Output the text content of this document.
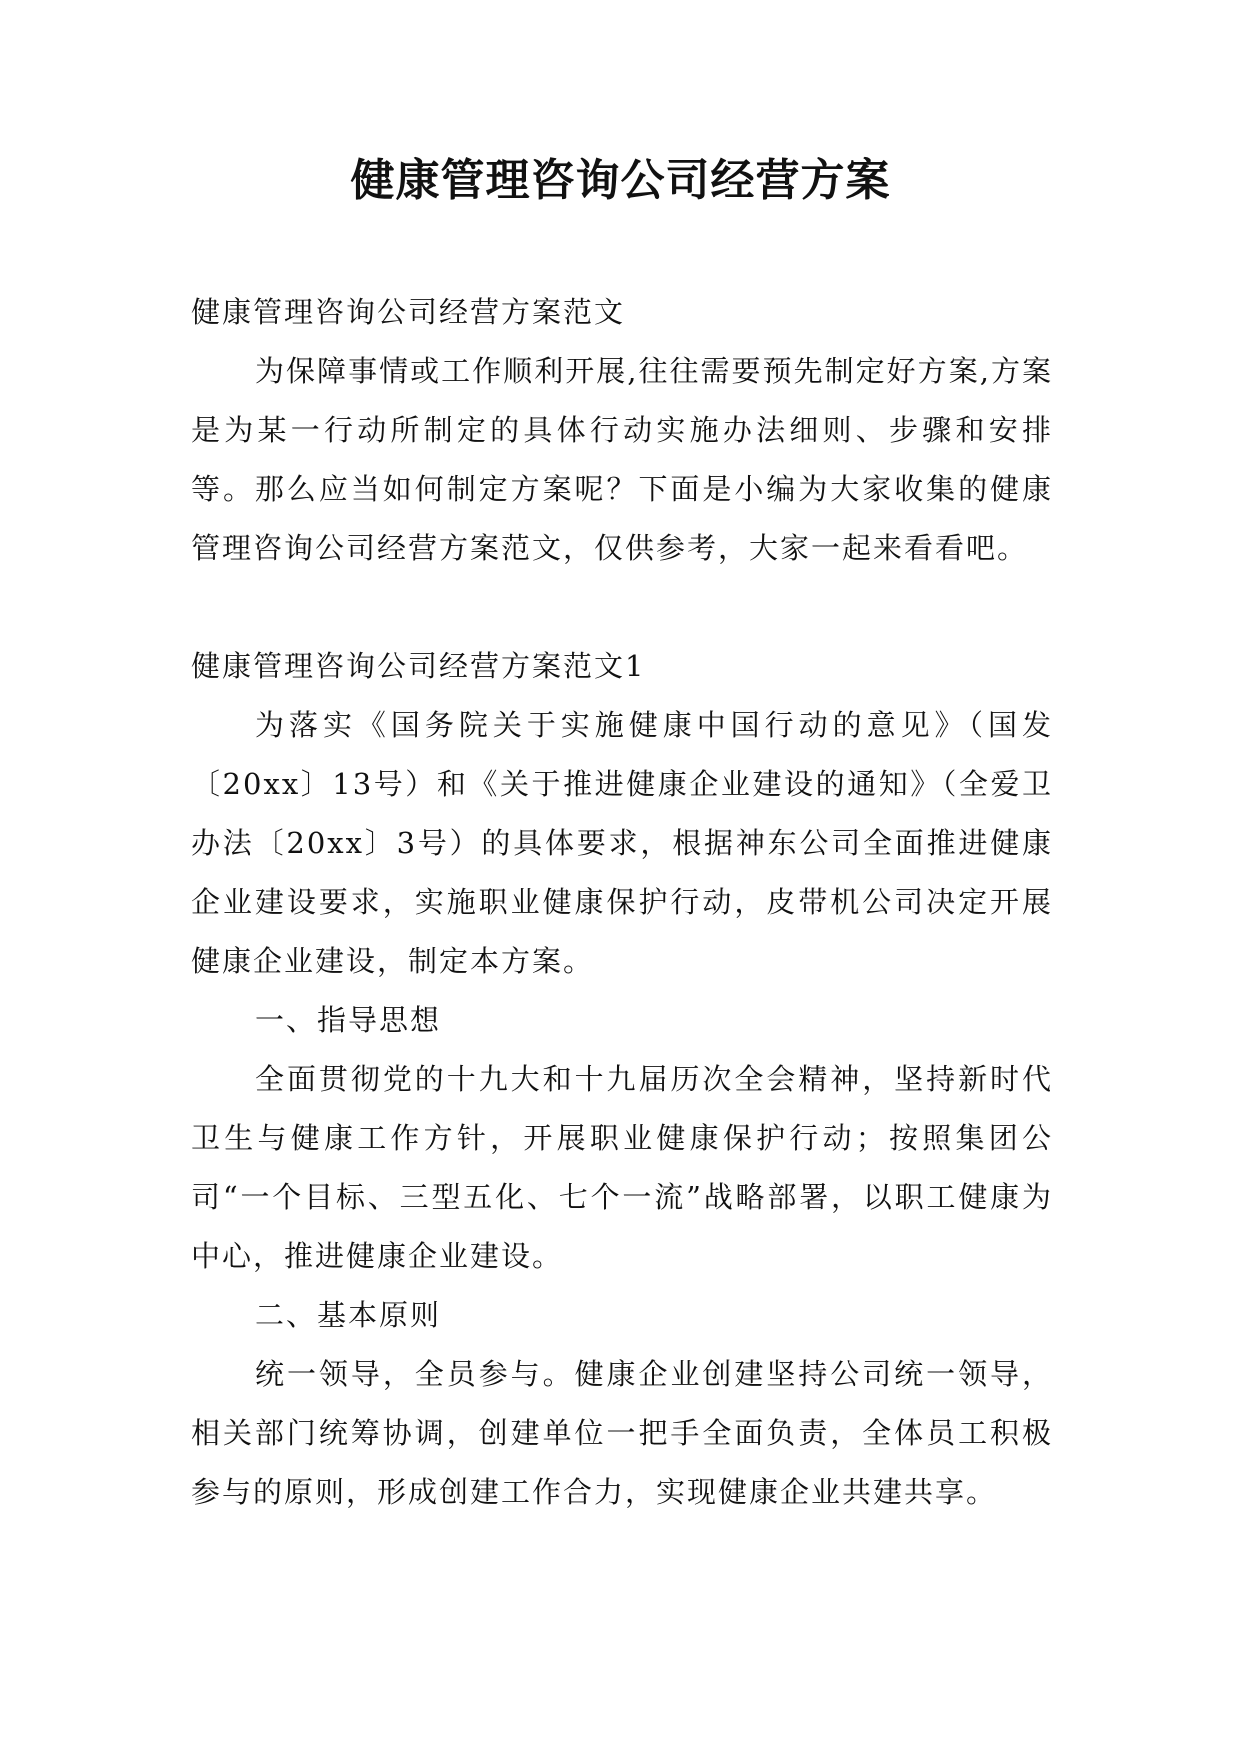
健康管理咨询公司经营方案

健康管理咨询公司经营方案范文

为保障事情或工作顺利开展,往往需要预先制定好方案,方案是为某一行动所制定的具体行动实施办法细则、步骤和安排等。那么应当如何制定方案呢？下面是小编为大家收集的健康管理咨询公司经营方案范文，仅供参考，大家一起来看看吧。

健康管理咨询公司经营方案范文1

为落实《国务院关于实施健康中国行动的意见》（国发〔20xx〕13号）和《关于推进健康企业建设的通知》（全爱卫办法〔20xx〕3号）的具体要求，根据神东公司全面推进健康企业建设要求，实施职业健康保护行动，皮带机公司决定开展健康企业建设，制定本方案。

一、指导思想

全面贯彻党的十九大和十九届历次全会精神，坚持新时代卫生与健康工作方针，开展职业健康保护行动；按照集团公司“一个目标、三型五化、七个一流”战略部署，以职工健康为中心，推进健康企业建设。

二、基本原则

统一领导，全员参与。健康企业创建坚持公司统一领导，相关部门统筹协调，创建单位一把手全面负责，全体员工积极参与的原则，形成创建工作合力，实现健康企业共建共享。
